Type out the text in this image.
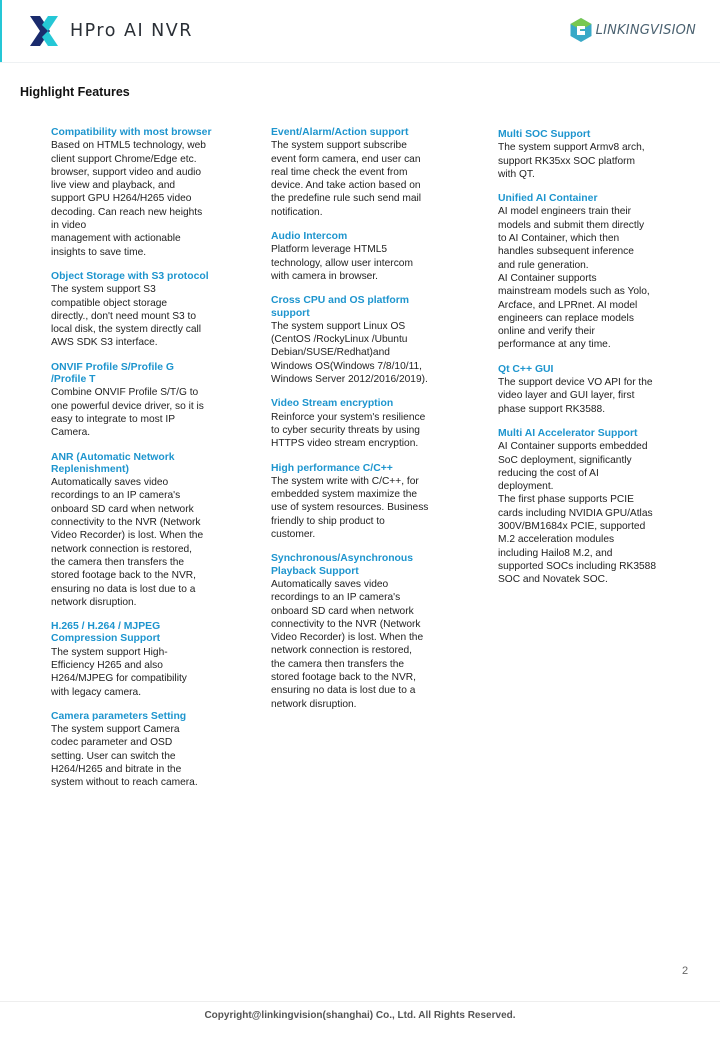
HPro AI NVR	LINKINGVISION
Highlight Features

Compatibility with most browser

Based on HTML5 technology, web
client support Chrome/Edge etc.
browser, support video and audio
live view and playback, and
support GPU H264/H265 video
decoding. Can reach new heights
in video
management with actionable
insights to save time.

Object Storage with S3 protocol

The system support S3
compatible object storage
directly., don't need mount S3 to
local disk, the system directly call
AWS SDK S3 interface.

ONVIF Profile S/Profile G
/Profile T

Combine ONVIF Profile S/T/G to
one powerful device driver, so it is
easy to integrate to most IP
Camera.

ANR (Automatic Network
Replenishment)

Automatically saves video
recordings to an IP camera's
onboard SD card when network
connectivity to the NVR (Network
Video Recorder) is lost. When the
network connection is restored,
the camera then transfers the
stored footage back to the NVR,
ensuring no data is lost due to a
network disruption.

H.265 / H.264 / MJPEG
Compression Support

The system support High-
Efficiency H265 and also
H264/MJPEG for compatibility
with legacy camera.

Camera parameters Setting

The system support Camera
codec parameter and OSD
setting. User can switch the
H264/H265 and bitrate in the
system without to reach camera.

Event/Alarm/Action support

The system support subscribe
event form camera, end user can
real time check the event from
device. And take action based on
the predefine rule such send mail
notification.

Audio Intercom

Platform leverage HTML5
technology, allow user intercom
with camera in browser.

Cross CPU and OS platform
support

The system support Linux OS
(CentOS /RockyLinux /Ubuntu
Debian/SUSE/Redhat)and
Windows OS(Windows 7/8/10/11,
Windows Server 2012/2016/2019).

Video Stream encryption

Reinforce your system's resilience
to cyber security threats by using
HTTPS video stream encryption.

High performance C/C++

The system write with C/C++, for
embedded system maximize the
use of system resources. Business
friendly to ship product to
customer.

Synchronous/Asynchronous
Playback Support

Automatically saves video
recordings to an IP camera's
onboard SD card when network
connectivity to the NVR (Network
Video Recorder) is lost. When the
network connection is restored,
the camera then transfers the
stored footage back to the NVR,
ensuring no data is lost due to a
network disruption.

Multi SOC Support

The system support Armv8 arch,
support RK35xx SOC platform
with QT.

Unified AI Container

AI model engineers train their
models and submit them directly
to AI Container, which then
handles subsequent inference
and rule generation.
AI Container supports
mainstream models such as Yolo,
Arcface, and LPRnet. AI model
engineers can replace models
online and verify their
performance at any time.

Qt C++ GUI

The support device VO API for the
video layer and GUI layer, first
phase support RK3588.

Multi AI Accelerator Support

AI Container supports embedded
SoC deployment, significantly
reducing the cost of AI
deployment.
The first phase supports PCIE
cards including NVIDIA GPU/Atlas
300V/BM1684x PCIE, supported
M.2 acceleration modules
including Hailo8 M.2, and
supported SOCs including RK3588
SOC and Novatek SOC.

2
Copyright@linkingvision(shanghai) Co., Ltd. All Rights Reserved.
